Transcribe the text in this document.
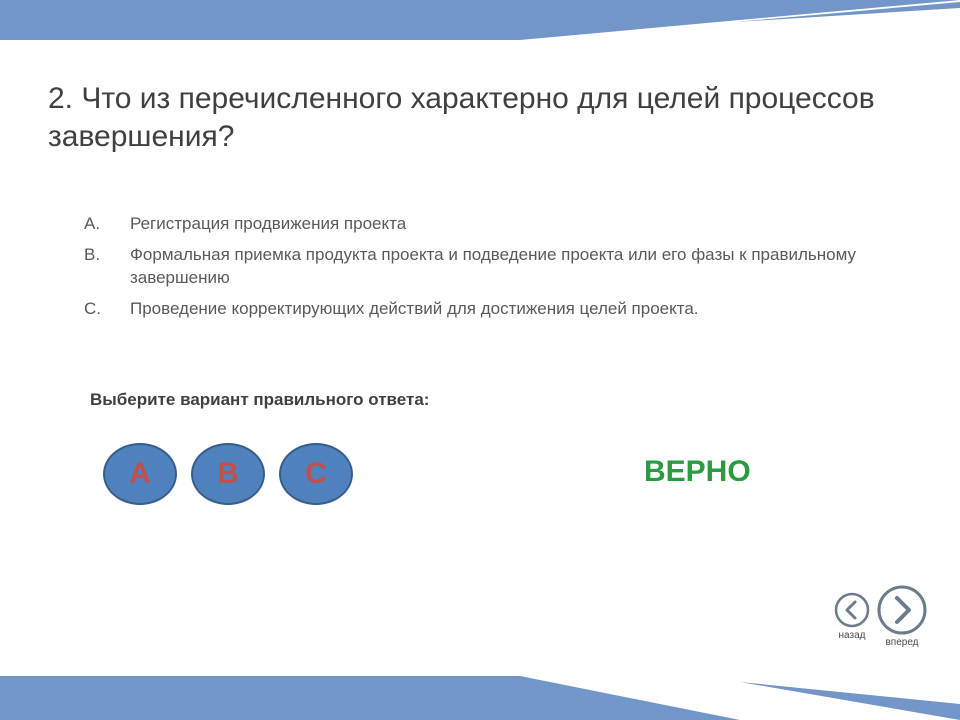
2. Что из перечисленного характерно для целей процессов завершения?
A.	Регистрация продвижения проекта
B.	Формальная приемка продукта проекта и подведение проекта или его фазы к правильному завершению
C.	Проведение корректирующих действий для достижения целей проекта.
Выберите вариант правильного ответа:
A	B	C	ВЕРНО
назад
вперед
